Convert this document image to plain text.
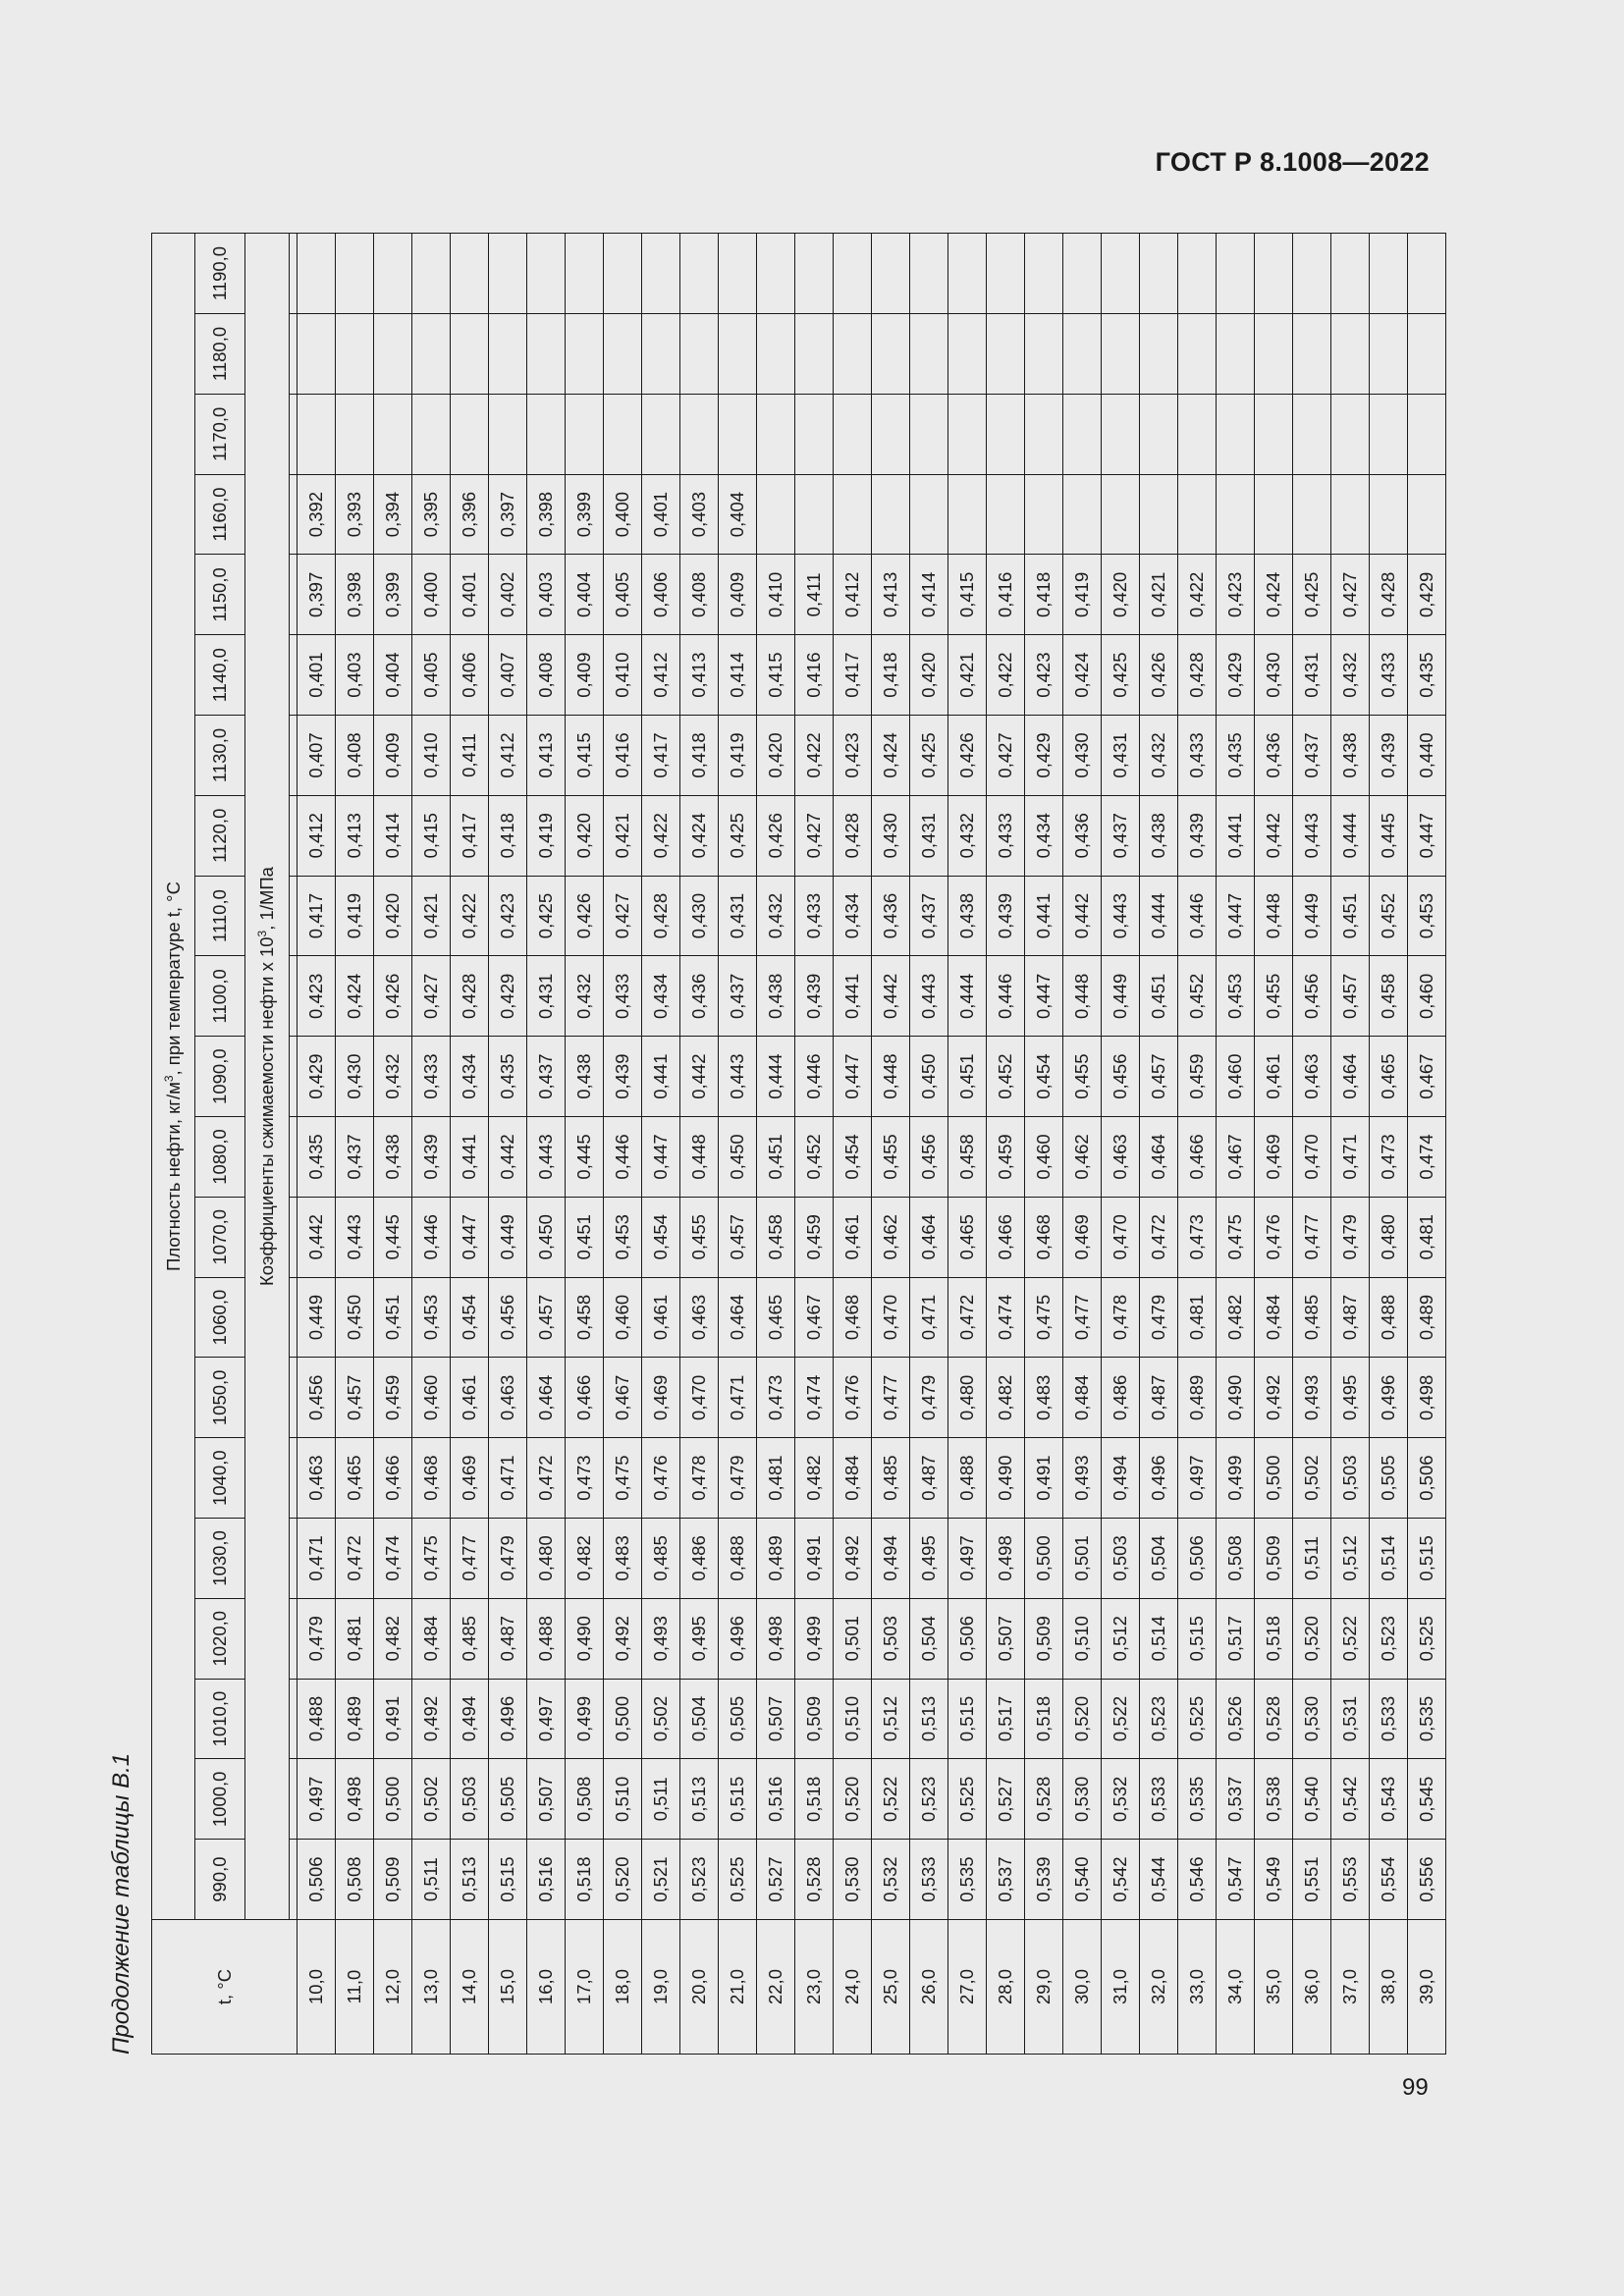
ГОСТ Р 8.1008—2022
Продолжение таблицы В.1	t, °C	Плотность нефти, $кг/м^3$, при температуре t, °C																				
	990,0	1000,0	1010,0	1020,0	1030,0	1040,0	1050,0	1060,0	1070,0	1080,0	1090,0	1100,0	1110,0	1120,0	1130,0	1140,0	1150,0	1160,0	1170,0	1180,0	1190,0
	Коэффициенты сжимаемости нефти х $10^3$, 1/МПа																				

10,0	0,506	0,497	0,488	0,479	0,471	0,463	0,456	0,449	0,442	0,435	0,429	0,423	0,417	0,412	0,407	0,401	0,397	0,392			
11,0	0,508	0,498	0,489	0,481	0,472	0,465	0,457	0,450	0,443	0,437	0,430	0,424	0,419	0,413	0,408	0,403	0,398	0,393			
12,0	0,509	0,500	0,491	0,482	0,474	0,466	0,459	0,451	0,445	0,438	0,432	0,426	0,420	0,414	0,409	0,404	0,399	0,394			
13,0	0,511	0,502	0,492	0,484	0,475	0,468	0,460	0,453	0,446	0,439	0,433	0,427	0,421	0,415	0,410	0,405	0,400	0,395			
14,0	0,513	0,503	0,494	0,485	0,477	0,469	0,461	0,454	0,447	0,441	0,434	0,428	0,422	0,417	0,411	0,406	0,401	0,396			
15,0	0,515	0,505	0,496	0,487	0,479	0,471	0,463	0,456	0,449	0,442	0,435	0,429	0,423	0,418	0,412	0,407	0,402	0,397			
16,0	0,516	0,507	0,497	0,488	0,480	0,472	0,464	0,457	0,450	0,443	0,437	0,431	0,425	0,419	0,413	0,408	0,403	0,398			
17,0	0,518	0,508	0,499	0,490	0,482	0,473	0,466	0,458	0,451	0,445	0,438	0,432	0,426	0,420	0,415	0,409	0,404	0,399			
18,0	0,520	0,510	0,500	0,492	0,483	0,475	0,467	0,460	0,453	0,446	0,439	0,433	0,427	0,421	0,416	0,410	0,405	0,400			
19,0	0,521	0,511	0,502	0,493	0,485	0,476	0,469	0,461	0,454	0,447	0,441	0,434	0,428	0,422	0,417	0,412	0,406	0,401			
20,0	0,523	0,513	0,504	0,495	0,486	0,478	0,470	0,463	0,455	0,448	0,442	0,436	0,430	0,424	0,418	0,413	0,408	0,403			
21,0	0,525	0,515	0,505	0,496	0,488	0,479	0,471	0,464	0,457	0,450	0,443	0,437	0,431	0,425	0,419	0,414	0,409	0,404			
22,0	0,527	0,516	0,507	0,498	0,489	0,481	0,473	0,465	0,458	0,451	0,444	0,438	0,432	0,426	0,420	0,415	0,410				
23,0	0,528	0,518	0,509	0,499	0,491	0,482	0,474	0,467	0,459	0,452	0,446	0,439	0,433	0,427	0,422	0,416	0,411				
24,0	0,530	0,520	0,510	0,501	0,492	0,484	0,476	0,468	0,461	0,454	0,447	0,441	0,434	0,428	0,423	0,417	0,412				
25,0	0,532	0,522	0,512	0,503	0,494	0,485	0,477	0,470	0,462	0,455	0,448	0,442	0,436	0,430	0,424	0,418	0,413				
26,0	0,533	0,523	0,513	0,504	0,495	0,487	0,479	0,471	0,464	0,456	0,450	0,443	0,437	0,431	0,425	0,420	0,414				
27,0	0,535	0,525	0,515	0,506	0,497	0,488	0,480	0,472	0,465	0,458	0,451	0,444	0,438	0,432	0,426	0,421	0,415				
28,0	0,537	0,527	0,517	0,507	0,498	0,490	0,482	0,474	0,466	0,459	0,452	0,446	0,439	0,433	0,427	0,422	0,416				
29,0	0,539	0,528	0,518	0,509	0,500	0,491	0,483	0,475	0,468	0,460	0,454	0,447	0,441	0,434	0,429	0,423	0,418				
30,0	0,540	0,530	0,520	0,510	0,501	0,493	0,484	0,477	0,469	0,462	0,455	0,448	0,442	0,436	0,430	0,424	0,419				
31,0	0,542	0,532	0,522	0,512	0,503	0,494	0,486	0,478	0,470	0,463	0,456	0,449	0,443	0,437	0,431	0,425	0,420				
32,0	0,544	0,533	0,523	0,514	0,504	0,496	0,487	0,479	0,472	0,464	0,457	0,451	0,444	0,438	0,432	0,426	0,421				
33,0	0,546	0,535	0,525	0,515	0,506	0,497	0,489	0,481	0,473	0,466	0,459	0,452	0,446	0,439	0,433	0,428	0,422				
34,0	0,547	0,537	0,526	0,517	0,508	0,499	0,490	0,482	0,475	0,467	0,460	0,453	0,447	0,441	0,435	0,429	0,423				
35,0	0,549	0,538	0,528	0,518	0,509	0,500	0,492	0,484	0,476	0,469	0,461	0,455	0,448	0,442	0,436	0,430	0,424				
36,0	0,551	0,540	0,530	0,520	0,511	0,502	0,493	0,485	0,477	0,470	0,463	0,456	0,449	0,443	0,437	0,431	0,425				
37,0	0,553	0,542	0,531	0,522	0,512	0,503	0,495	0,487	0,479	0,471	0,464	0,457	0,451	0,444	0,438	0,432	0,427				
38,0	0,554	0,543	0,533	0,523	0,514	0,505	0,496	0,488	0,480	0,473	0,465	0,458	0,452	0,445	0,439	0,433	0,428				
39,0	0,556	0,545	0,535	0,525	0,515	0,506	0,498	0,489	0,481	0,474	0,467	0,460	0,453	0,447	0,440	0,435	0,429				
99
